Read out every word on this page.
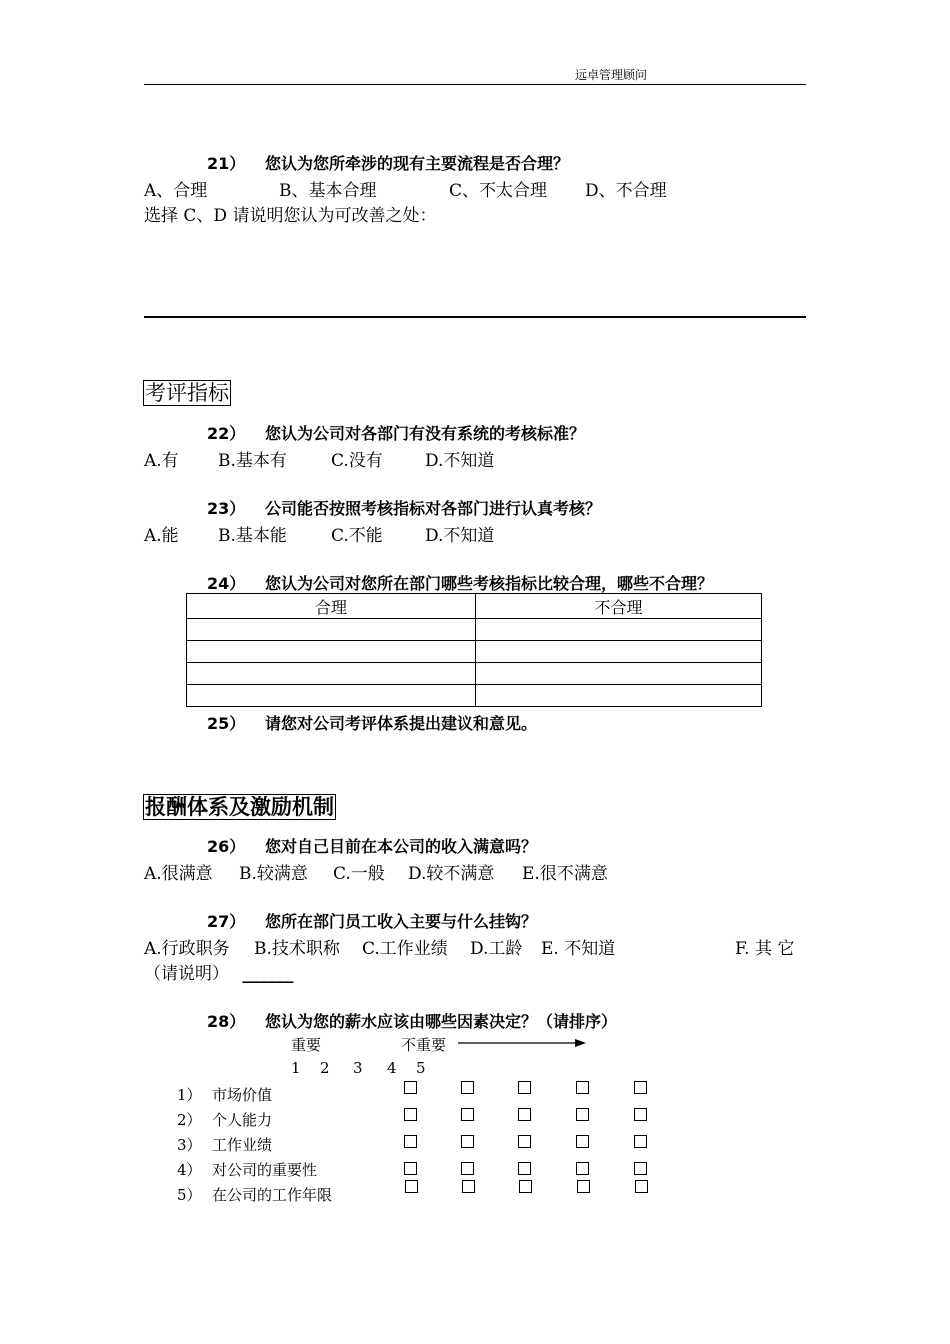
远卓管理顾问
21） 您认为您所牵涉的现有主要流程是否合理？
A、合理	B、基本合理	C、不太合理 D、不合理
选择 C、D 请说明您认为可改善之处：
考评指标
22） 您认为公司对各部门有没有系统的考核标准？
A.有 B.基本有	C.没有 D.不知道
23） 公司能否按照考核指标对各部门进行认真考核？
A.能 B.基本能	C.不能 D.不知道
24） 您认为公司对您所在部门哪些考核指标比较合理，哪些不合理？
合理	不合理

25） 请您对公司考评体系提出建议和意见。
报酬体系及激励机制
26） 您对自己目前在本公司的收入满意吗？
A.很满意 B.较满意 C.一般 D.较不满意 E.很不满意
27） 您所在部门员工收入主要与什么挂钩？
A.行政职务 B.技术职称 C.工作业绩 D.工龄 E. 不知道	F. 其 它
（请说明） ______
28） 您认为您的薪水应该由哪些因素决定？（请排序）
重要	不重要
1 2 3 4 5
1） 市场价值
2） 个人能力
3） 工作业绩
4） 对公司的重要性
5） 在公司的工作年限
